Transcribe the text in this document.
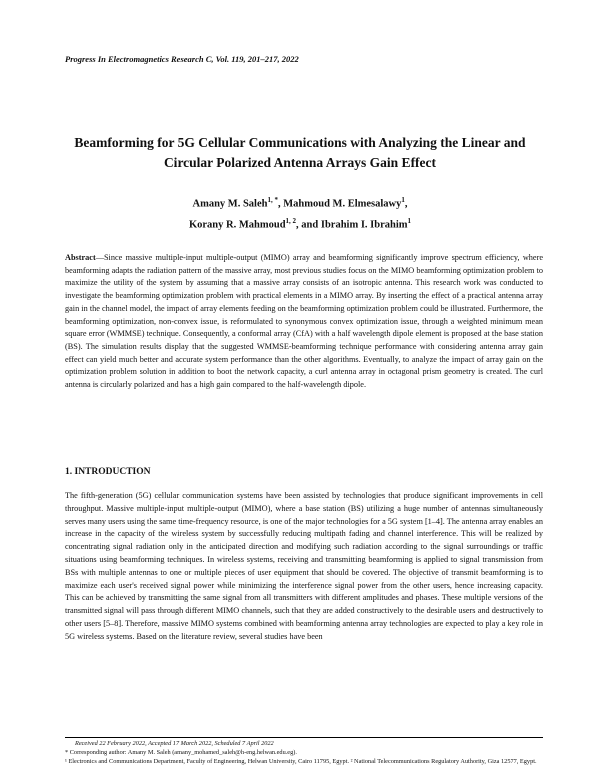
Progress In Electromagnetics Research C, Vol. 119, 201–217, 2022
Beamforming for 5G Cellular Communications with Analyzing the Linear and Circular Polarized Antenna Arrays Gain Effect
Amany M. Saleh$^{1, *}$, Mahmoud M. Elmesalawy$^1$,
Korany R. Mahmoud$^{1, 2}$, and Ibrahim I. Ibrahim$^1$
Abstract—Since massive multiple-input multiple-output (MIMO) array and beamforming significantly improve spectrum efficiency, where beamforming adapts the radiation pattern of the massive array, most previous studies focus on the MIMO beamforming optimization problem to maximize the utility of the system by assuming that a massive array consists of an isotropic antenna. This research work was conducted to investigate the beamforming optimization problem with practical elements in a MIMO array. By inserting the effect of a practical antenna array gain in the channel model, the impact of array elements feeding on the beamforming optimization problem could be illustrated. Furthermore, the beamforming optimization, non-convex issue, is reformulated to synonymous convex optimization issue, through a weighted minimum mean square error (WMMSE) technique. Consequently, a conformal array (CfA) with a half wavelength dipole element is proposed at the base station (BS). The simulation results display that the suggested WMMSE-beamforming technique performance with considering antenna array gain effect can yield much better and accurate system performance than the other algorithms. Eventually, to analyze the impact of array gain on the optimization problem solution in addition to boot the network capacity, a curl antenna array in octagonal prism geometry is created. The curl antenna is circularly polarized and has a high gain compared to the half-wavelength dipole.
1. INTRODUCTION
The fifth-generation (5G) cellular communication systems have been assisted by technologies that produce significant improvements in cell throughput. Massive multiple-input multiple-output (MIMO), where a base station (BS) utilizing a huge number of antennas simultaneously serves many users using the same time-frequency resource, is one of the major technologies for a 5G system [1–4]. The antenna array enables an increase in the capacity of the wireless system by successfully reducing multipath fading and channel interference. This will be realized by concentrating signal radiation only in the anticipated direction and modifying such radiation according to the signal surroundings or traffic situations using beamforming techniques. In wireless systems, receiving and transmitting beamforming is applied to signal transmission from BSs with multiple antennas to one or multiple pieces of user equipment that should be covered. The objective of transmit beamforming is to maximize each user's received signal power while minimizing the interference signal power from the other users, hence increasing capacity. This can be achieved by transmitting the same signal from all transmitters with different amplitudes and phases. These multiple versions of the transmitted signal will pass through different MIMO channels, such that they are added constructively to the desirable users and destructively to other users [5–8]. Therefore, massive MIMO systems combined with beamforming antenna array technologies are expected to play a key role in 5G wireless systems. Based on the literature review, several studies have been
Received 22 February 2022, Accepted 17 March 2022, Scheduled 7 April 2022
* Corresponding author: Amany M. Saleh (amany_mohamed_saleh@h-eng.helwan.edu.eg).
¹ Electronics and Communications Department, Faculty of Engineering, Helwan University, Cairo 11795, Egypt. ² National Telecommunications Regulatory Authority, Giza 12577, Egypt.
